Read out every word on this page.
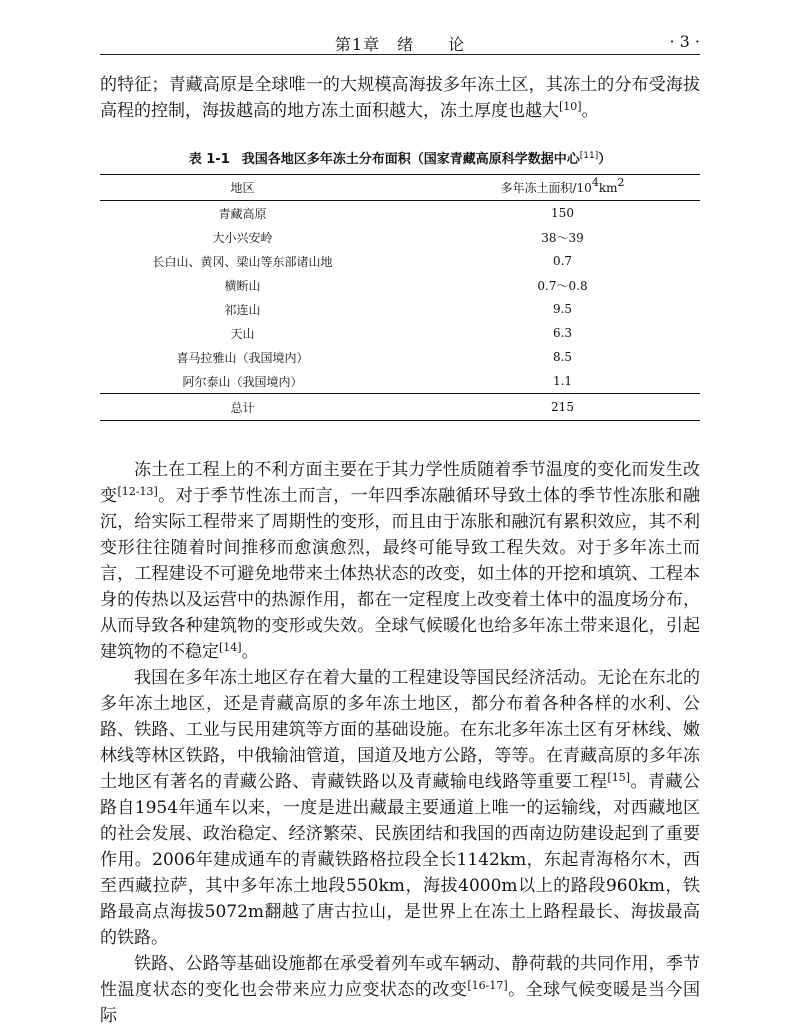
第1章　绪　　论	· 3 ·

的特征；青藏高原是全球唯一的大规模高海拔多年冻土区，其冻土的分布受海拔高程的控制，海拔越高的地方冻土面积越大，冻土厚度也越大[10]。

表 1-1 我国各地区多年冻土分布面积（国家青藏高原科学数据中心[11]）
地区	多年冻土面积$/10^4km^2$
青藏高原	150
大小兴安岭	38～39
长白山、黄冈、梁山等东部诸山地	0.7
横断山	0.7～0.8
祁连山	9.5
天山	6.3
喜马拉雅山（我国境内）	8.5
阿尔泰山（我国境内）	1.1
总计	215

冻土在工程上的不利方面主要在于其力学性质随着季节温度的变化而发生改变[12-13]。对于季节性冻土而言，一年四季冻融循环导致土体的季节性冻胀和融沉，给实际工程带来了周期性的变形，而且由于冻胀和融沉有累积效应，其不利变形往往随着时间推移而愈演愈烈，最终可能导致工程失效。对于多年冻土而言，工程建设不可避免地带来土体热状态的改变，如土体的开挖和填筑、工程本身的传热以及运营中的热源作用，都在一定程度上改变着土体中的温度场分布，从而导致各种建筑物的变形或失效。全球气候暖化也给多年冻土带来退化，引起建筑物的不稳定[14]。

我国在多年冻土地区存在着大量的工程建设等国民经济活动。无论在东北的多年冻土地区，还是青藏高原的多年冻土地区，都分布着各种各样的水利、公路、铁路、工业与民用建筑等方面的基础设施。在东北多年冻土区有牙林线、嫩林线等林区铁路，中俄输油管道，国道及地方公路，等等。在青藏高原的多年冻土地区有著名的青藏公路、青藏铁路以及青藏输电线路等重要工程[15]。青藏公路自1954年通车以来，一度是进出藏最主要通道上唯一的运输线，对西藏地区的社会发展、政治稳定、经济繁荣、民族团结和我国的西南边防建设起到了重要作用。2006年建成通车的青藏铁路格拉段全长1142km，东起青海格尔木，西至西藏拉萨，其中多年冻土地段550km，海拔4000m以上的路段960km，铁路最高点海拔5072m翻越了唐古拉山，是世界上在冻土上路程最长、海拔最高的铁路。

铁路、公路等基础设施都在承受着列车或车辆动、静荷载的共同作用，季节性温度状态的变化也会带来应力应变状态的改变[16-17]。全球气候变暖是当今国际
